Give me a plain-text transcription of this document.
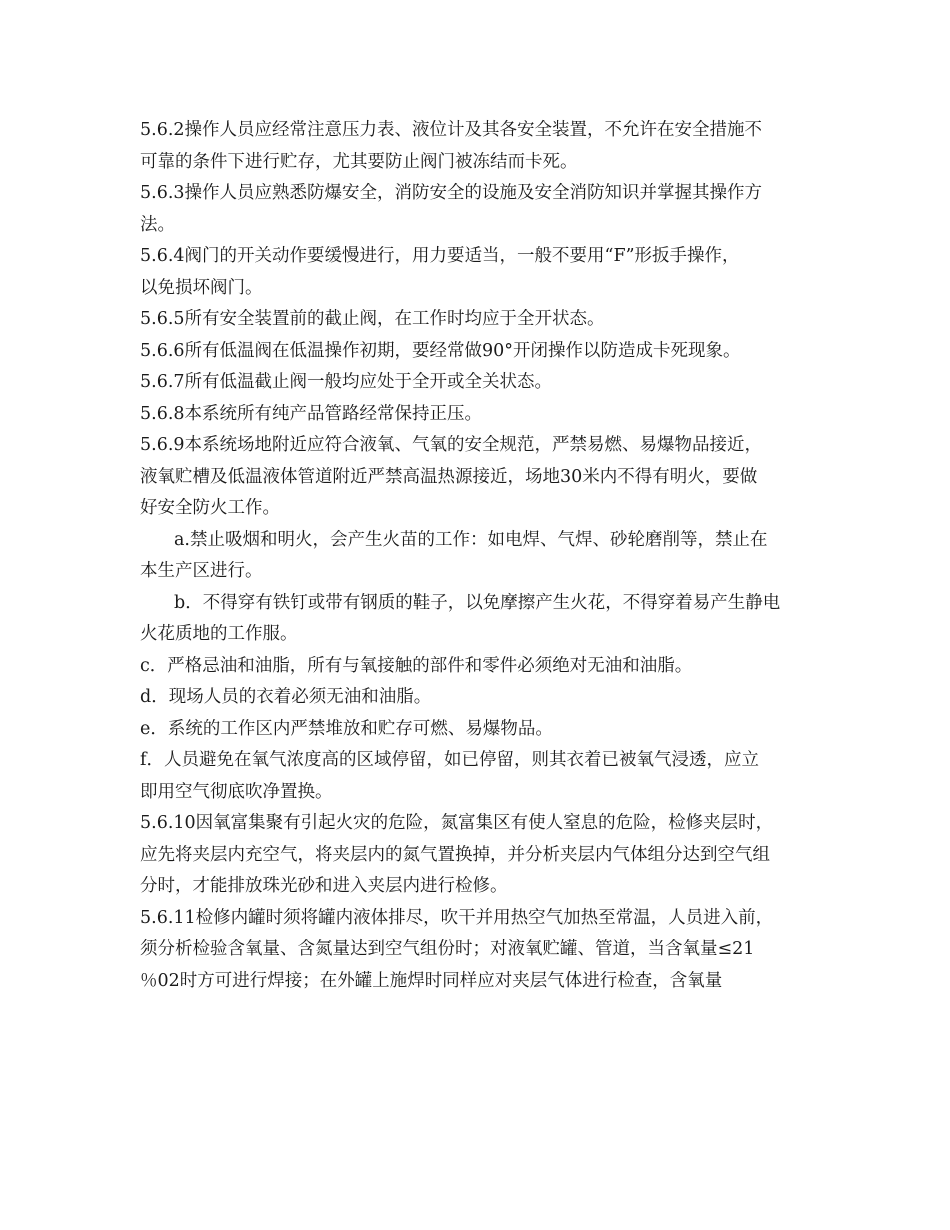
5.6.2操作人员应经常注意压力表、液位计及其各安全装置，不允许在安全措施不
可靠的条件下进行贮存，尤其要防止阀门被冻结而卡死。
5.6.3操作人员应熟悉防爆安全，消防安全的设施及安全消防知识并掌握其操作方
法。
5.6.4阀门的开关动作要缓慢进行，用力要适当，一般不要用“F”形扳手操作，
以免损坏阀门。
5.6.5所有安全装置前的截止阀，在工作时均应于全开状态。
5.6.6所有低温阀在低温操作初期，要经常做90°开闭操作以防造成卡死现象。
5.6.7所有低温截止阀一般均应处于全开或全关状态。
5.6.8本系统所有纯产品管路经常保持正压。
5.6.9本系统场地附近应符合液氧、气氧的安全规范，严禁易燃、易爆物品接近，
液氧贮槽及低温液体管道附近严禁高温热源接近，场地30米内不得有明火，要做
好安全防火工作。
a.禁止吸烟和明火，会产生火苗的工作：如电焊、气焊、砂轮磨削等，禁止在
本生产区进行。
b．不得穿有铁钉或带有钢质的鞋子，以免摩擦产生火花，不得穿着易产生静电
火花质地的工作服。
c．严格忌油和油脂，所有与氧接触的部件和零件必须绝对无油和油脂。
d．现场人员的衣着必须无油和油脂。
e．系统的工作区内严禁堆放和贮存可燃、易爆物品。
f．人员避免在氧气浓度高的区域停留，如已停留，则其衣着已被氧气浸透，应立
即用空气彻底吹净置换。
5.6.10因氧富集聚有引起火灾的危险，氮富集区有使人窒息的危险，检修夹层时，
应先将夹层内充空气，将夹层内的氮气置换掉，并分析夹层内气体组分达到空气组
分时，才能排放珠光砂和进入夹层内进行检修。
5.6.11检修内罐时须将罐内液体排尽，吹干并用热空气加热至常温，人员进入前，
须分析检验含氧量、含氮量达到空气组份时；对液氧贮罐、管道，当含氧量≤21
％02时方可进行焊接；在外罐上施焊时同样应对夹层气体进行检查，含氧量
